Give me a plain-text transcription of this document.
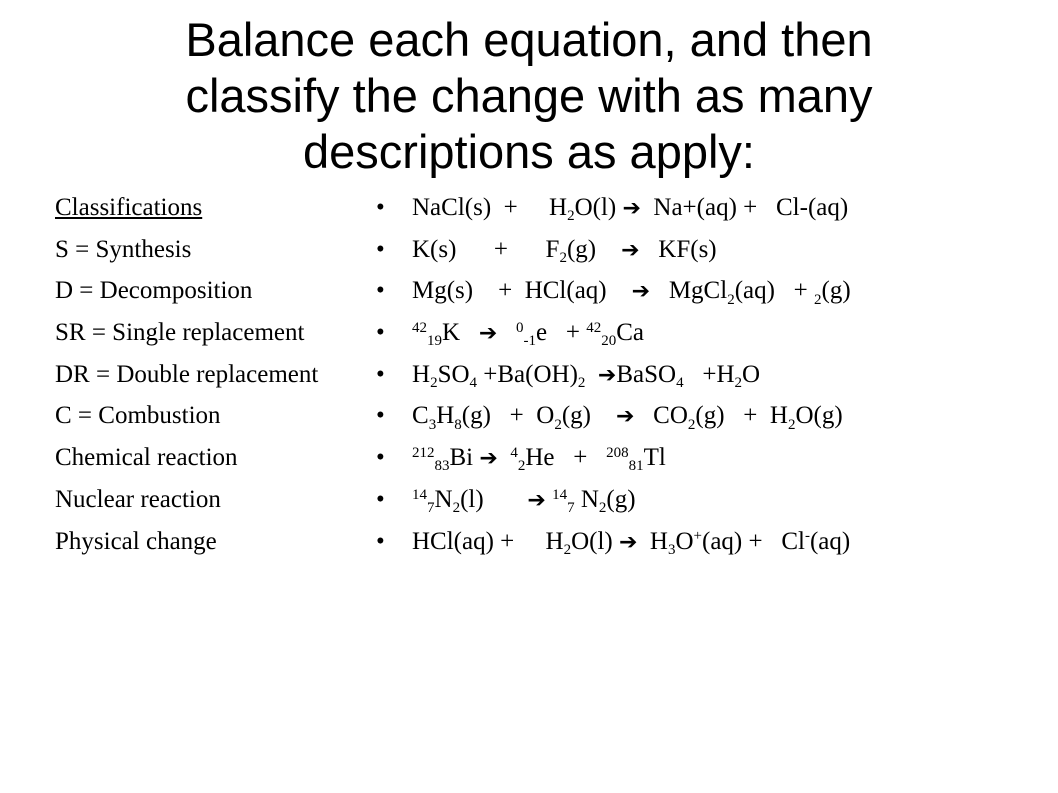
Balance each equation, and then
classify the change with as many
descriptions as apply:
Classifications
S = Synthesis
D = Decomposition
SR = Single replacement
DR = Double replacement
C = Combustion
Chemical reaction
Nuclear reaction
Physical change
• NaCl(s)  +     $H_2O(l)$ ➔  Na+(aq) +   Cl-(aq)
• K(s)      +      $F_2(g)$    ➔   KF(s)
• Mg(s)    +  HCl(aq)    ➔   MgCl$_2$(aq)   + $_2$(g)
• $^{42}_{19}$K   ➔ $^0_{-1}$e   + $^{42}_{20}$Ca
• $H_2SO_4 +Ba(OH)_2$ ➔BaSO$_4$   $+H_2O$
• $C_3H_8(g) + O_2(g)$    ➔   $CO_2(g) + H_2O(g)$
• $^{212}_{83}$Bi ➔ $^4_2$He   +   $^{208}_{81}$Tl
• $^{14}_7N_2(l)$       ➔ $^{14}_7$ $N_2(g)$
• HCl(aq) +     $H_2O(l)$ ➔  $H_3O^+(aq) + Cl^-(aq)$
